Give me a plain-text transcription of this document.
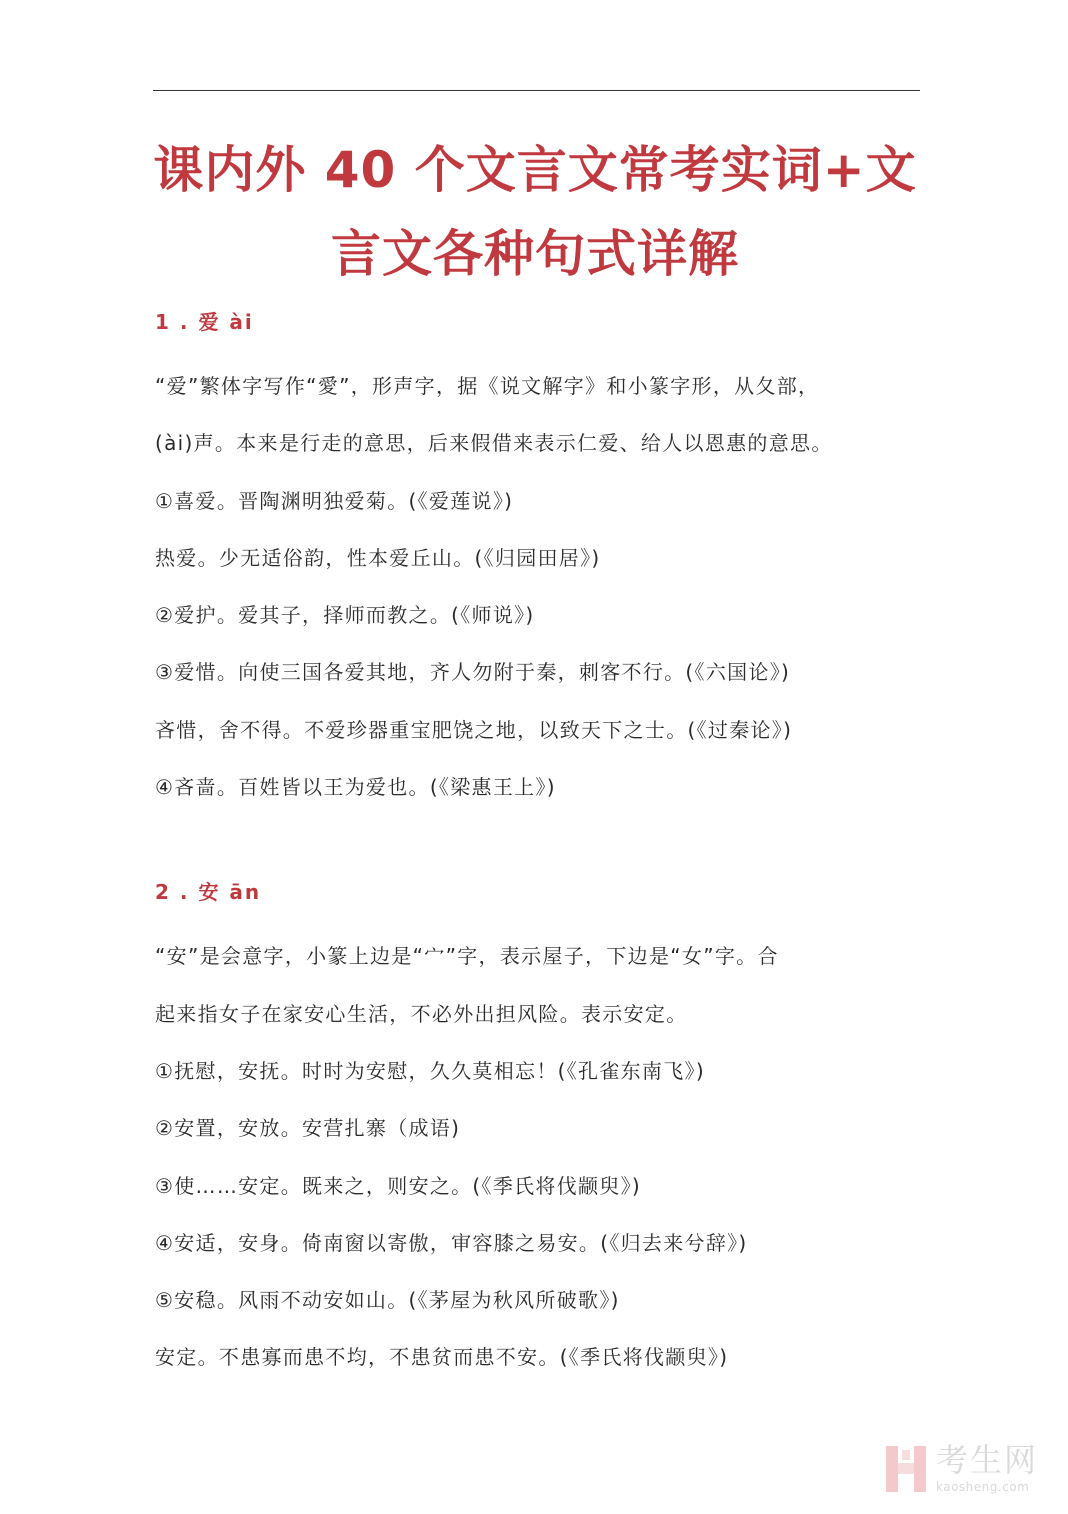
课内外 40 个文言文常考实词+文
言文各种句式详解
1 . 爱 ài
“爱”繁体字写作“愛”，形声字，据《说文解字》和小篆字形，从夂部，
(ài)声。本来是行走的意思，后来假借来表示仁爱、给人以恩惠的意思。
①喜爱。晋陶渊明独爱菊。(《爱莲说》)
热爱。少无适俗韵，性本爱丘山。(《归园田居》)
②爱护。爱其子，择师而教之。(《师说》)
③爱惜。向使三国各爱其地，齐人勿附于秦，刺客不行。(《六国论》)
吝惜，舍不得。不爱珍器重宝肥饶之地，以致天下之士。(《过秦论》)
④吝啬。百姓皆以王为爱也。(《梁惠王上》)
2 . 安 ān
“安”是会意字，小篆上边是“宀”字，表示屋子，下边是“女”字。合
起来指女子在家安心生活，不必外出担风险。表示安定。
①抚慰，安抚。时时为安慰，久久莫相忘！(《孔雀东南飞》)
②安置，安放。安营扎寨（成语)
③使……安定。既来之，则安之。(《季氏将伐颛臾》)
④安适，安身。倚南窗以寄傲，审容膝之易安。(《归去来兮辞》)
⑤安稳。风雨不动安如山。(《茅屋为秋风所破歌》)
安定。不患寡而患不均，不患贫而患不安。(《季氏将伐颛臾》)
考生网
kaosheng.com
